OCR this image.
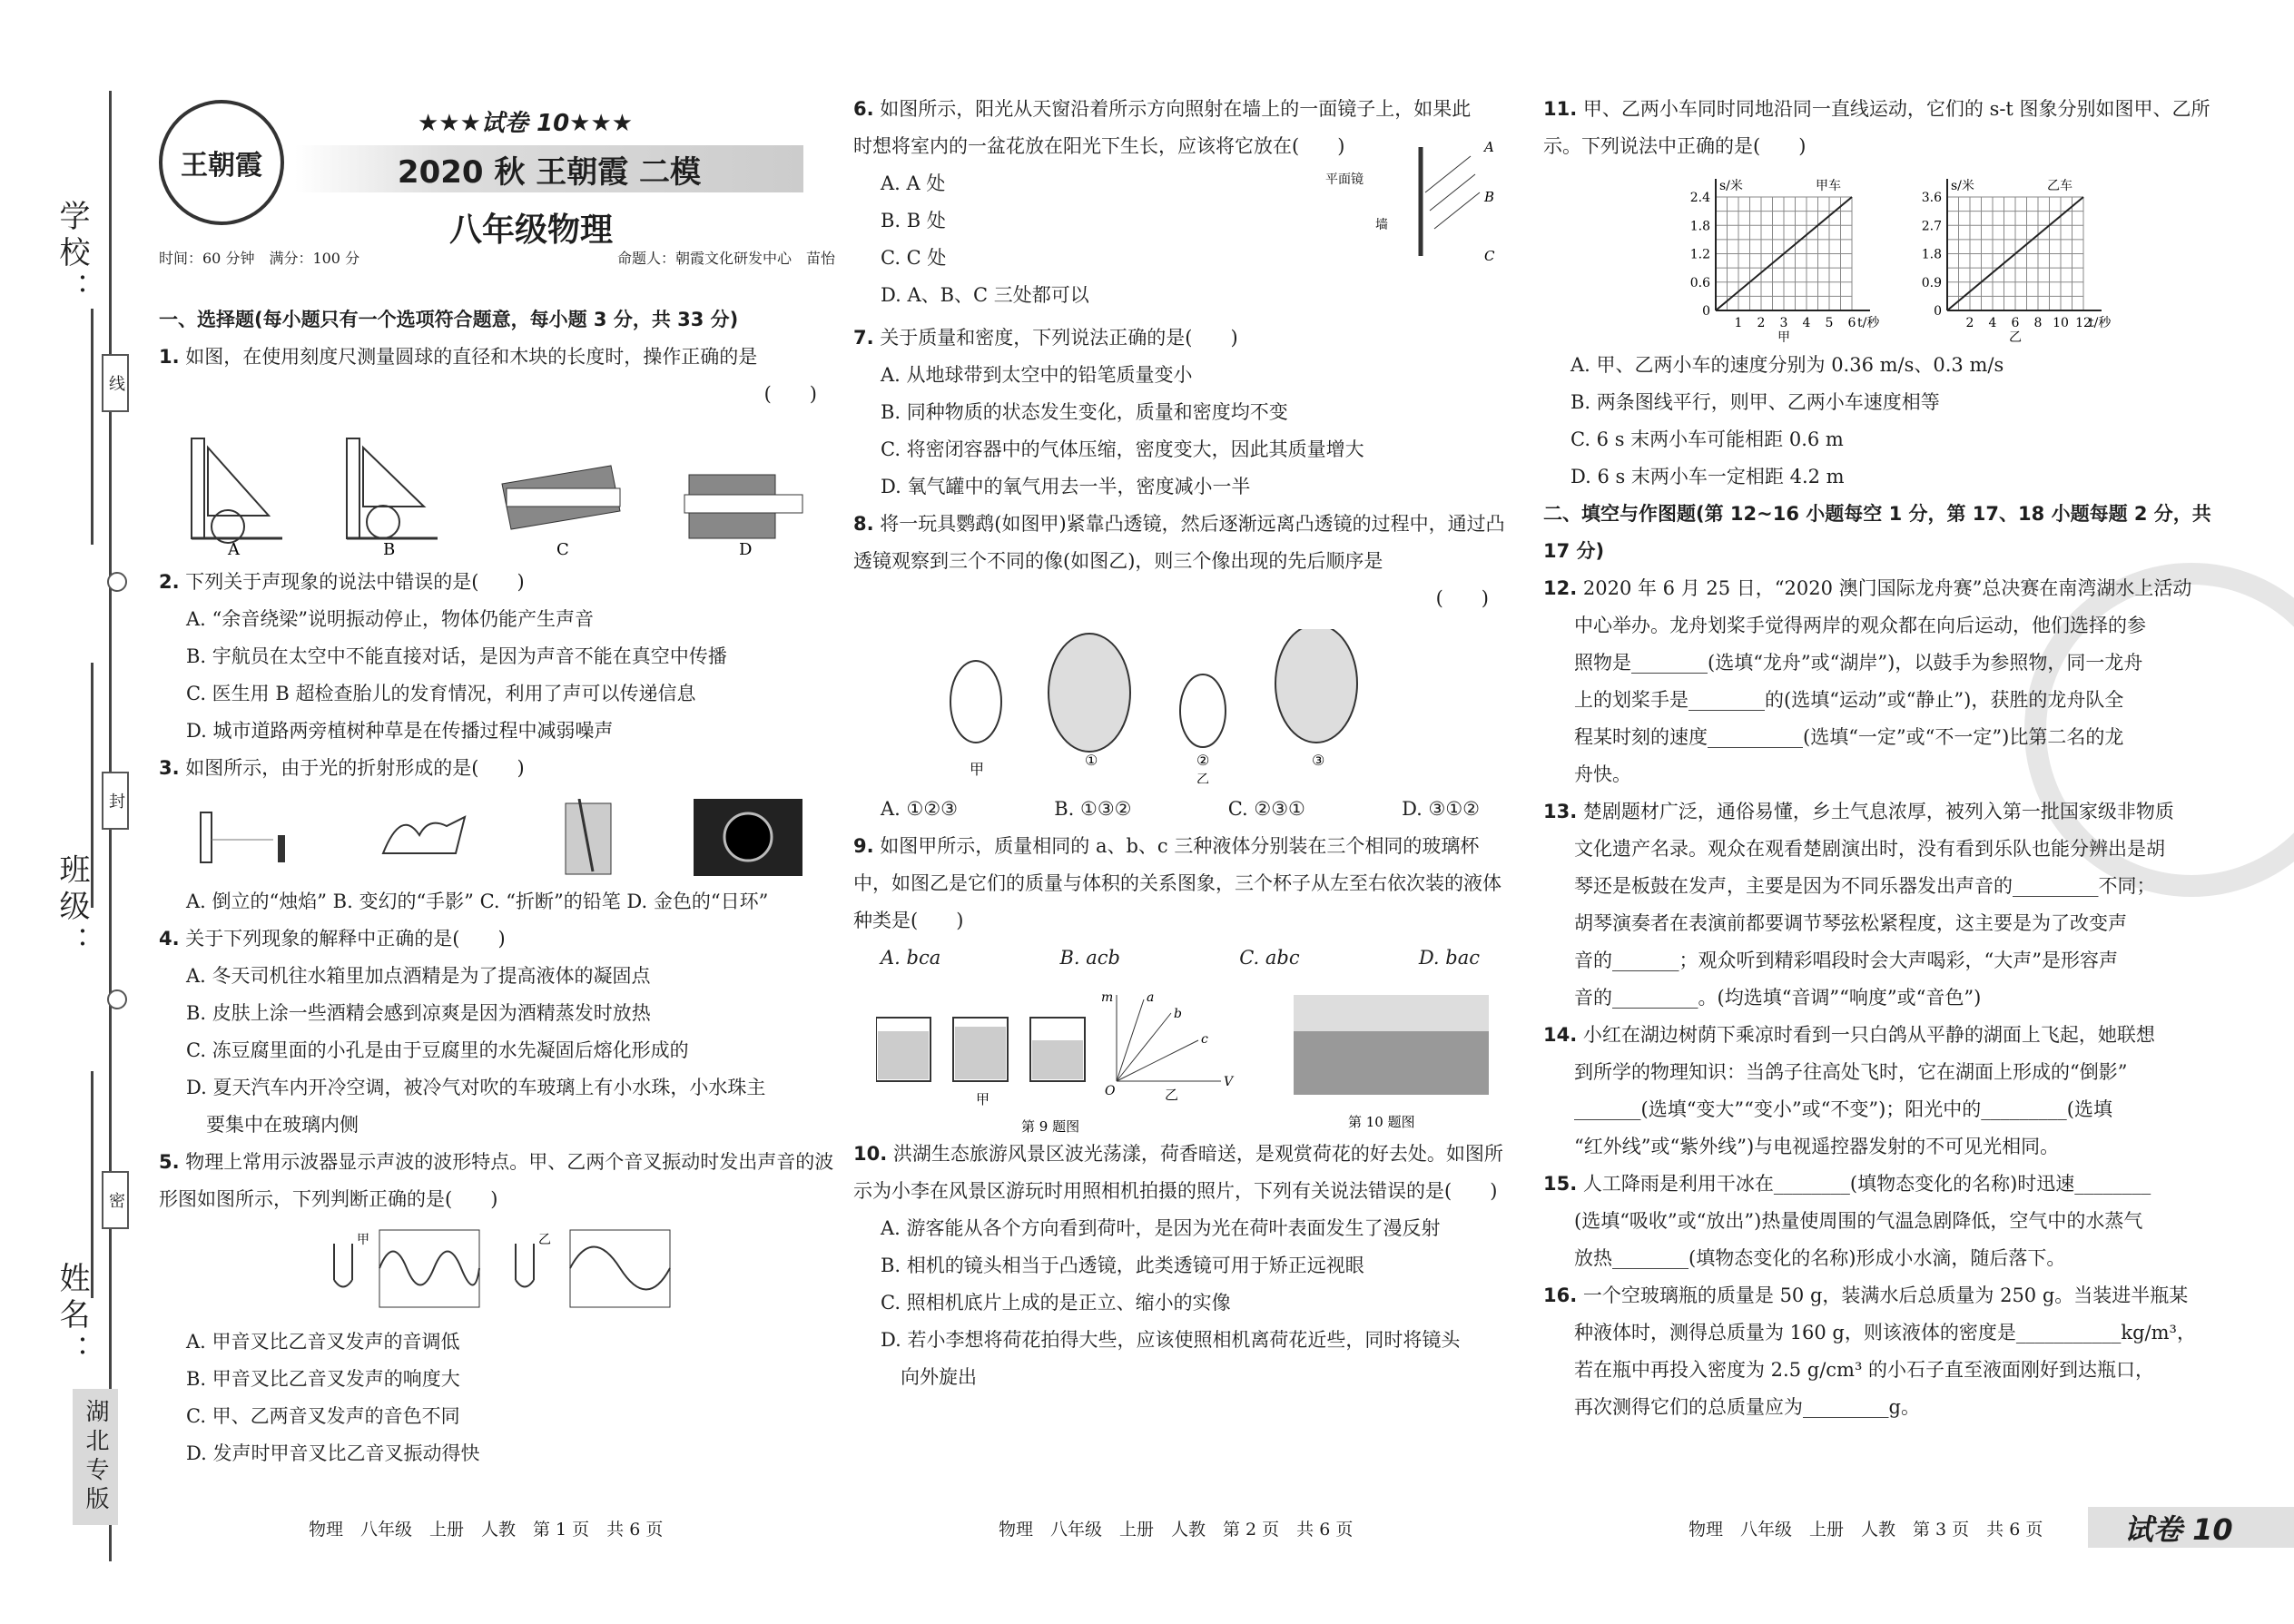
学校：
线
班级：
封
密
姓名：
湖北专版
王朝霞
★★★试卷 10★★★
2020 秋 王朝霞 二模
八年级物理
时间：60 分钟　满分：100 分	命题人：朝霞文化研发中心　苗怡
一、选择题(每小题只有一个选项符合题意，每小题 3 分，共 33 分)
1. 如图，在使用刻度尺测量圆球的直径和木块的长度时，操作正确的是
(　　)
A	B	C	D
2. 下列关于声现象的说法中错误的是(　　)
A. “余音绕梁”说明振动停止，物体仍能产生声音
B. 宇航员在太空中不能直接对话，是因为声音不能在真空中传播
C. 医生用 B 超检查胎儿的发育情况，利用了声可以传递信息
D. 城市道路两旁植树种草是在传播过程中减弱噪声
3. 如图所示，由于光的折射形成的是(　　)
A. 倒立的“烛焰” B. 变幻的“手影” C. “折断”的铅笔 D. 金色的“日环”
4. 关于下列现象的解释中正确的是(　　)
A. 冬天司机往水箱里加点酒精是为了提高液体的凝固点
B. 皮肤上涂一些酒精会感到凉爽是因为酒精蒸发时放热
C. 冻豆腐里面的小孔是由于豆腐里的水先凝固后熔化形成的
D. 夏天汽车内开冷空调，被冷气对吹的车玻璃上有小水珠，小水珠主
要集中在玻璃内侧
5. 物理上常用示波器显示声波的波形特点。甲、乙两个音叉振动时发出声音的波形图如图所示，下列判断正确的是(　　)
甲	乙
A. 甲音叉比乙音叉发声的音调低
B. 甲音叉比乙音叉发声的响度大
C. 甲、乙两音叉发声的音色不同
D. 发声时甲音叉比乙音叉振动得快
6. 如图所示，阳光从天窗沿着所示方向照射在墙上的一面镜子上，如果此时想将室内的一盆花放在阳光下生长，应该将它放在(　　)
A. A 处
B. B 处
C. C 处
D. A、B、C 三处都可以
平面镜
墙
A
B
C
7. 关于质量和密度，下列说法正确的是(　　)
A. 从地球带到太空中的铅笔质量变小
B. 同种物质的状态发生变化，质量和密度均不变
C. 将密闭容器中的气体压缩，密度变大，因此其质量增大
D. 氧气罐中的氧气用去一半，密度减小一半
8. 将一玩具鹦鹉(如图甲)紧靠凸透镜，然后逐渐远离凸透镜的过程中，通过凸透镜观察到三个不同的像(如图乙)，则三个像出现的先后顺序是
(　　)
甲
①	②
乙
③
A. ①②③	B. ①③②	C. ②③①	D. ③①②
9. 如图甲所示，质量相同的 a、b、c 三种液体分别装在三个相同的玻璃杯中，如图乙是它们的质量与体积的关系图象，三个杯子从左至右依次装的液体种类是(　　)
A. bca	B. acb	C. abc	D. bac
甲
m
V
O
a
b
c
乙
第 9 题图	第 10 题图
10. 洪湖生态旅游风景区波光荡漾，荷香暗送，是观赏荷花的好去处。如图所示为小李在风景区游玩时用照相机拍摄的照片，下列有关说法错误的是(　　)
A. 游客能从各个方向看到荷叶，是因为光在荷叶表面发生了漫反射
B. 相机的镜头相当于凸透镜，此类透镜可用于矫正远视眼
C. 照相机底片上成的是正立、缩小的实像
D. 若小李想将荷花拍得大些，应该使照相机离荷花近些，同时将镜头
向外旋出
11. 甲、乙两小车同时同地沿同一直线运动，它们的 s-t 图象分别如图甲、乙所示。下列说法中正确的是(　　)
2.4
1.8
1.2
0.6
0
1 2 3 4 5 6
s/米
t/秒
甲车
甲
3.6
2.7
1.8
0.9
0
2 4 6 8 10 12
s/米
t/秒
乙车
乙
A. 甲、乙两小车的速度分别为 0.36 m/s、0.3 m/s
B. 两条图线平行，则甲、乙两小车速度相等
C. 6 s 末两小车可能相距 0.6 m
D. 6 s 末两小车一定相距 4.2 m
二、填空与作图题(第 12~16 小题每空 1 分，第 17、18 小题每题 2 分，共 17 分)
12. 2020 年 6 月 25 日，“2020 澳门国际龙舟赛”总决赛在南湾湖水上活动
中心举办。龙舟划桨手觉得两岸的观众都在向后运动，他们选择的参
照物是________(选填“龙舟”或“湖岸”)，以鼓手为参照物，同一龙舟
上的划桨手是________的(选填“运动”或“静止”)，获胜的龙舟队全
程某时刻的速度__________(选填“一定”或“不一定”)比第二名的龙
舟快。
13. 楚剧题材广泛，通俗易懂，乡土气息浓厚，被列入第一批国家级非物质
文化遗产名录。观众在观看楚剧演出时，没有看到乐队也能分辨出是胡
琴还是板鼓在发声，主要是因为不同乐器发出声音的_________不同；
胡琴演奏者在表演前都要调节琴弦松紧程度，这主要是为了改变声
音的_______；观众听到精彩唱段时会大声喝彩，“大声”是形容声
音的_________。(均选填“音调”“响度”或“音色”)
14. 小红在湖边树荫下乘凉时看到一只白鸽从平静的湖面上飞起，她联想
到所学的物理知识：当鸽子往高处飞时，它在湖面上形成的“倒影”
_______(选填“变大”“变小”或“不变”)；阳光中的_________(选填
“红外线”或“紫外线”)与电视遥控器发射的不可见光相同。
15. 人工降雨是利用干冰在________(填物态变化的名称)时迅速________
(选填“吸收”或“放出”)热量使周围的气温急剧降低，空气中的水蒸气
放热________(填物态变化的名称)形成小水滴，随后落下。
16. 一个空玻璃瓶的质量是 50 g，装满水后总质量为 250 g。当装进半瓶某
种液体时，测得总质量为 160 g，则该液体的密度是___________kg/m³，
若在瓶中再投入密度为 2.5 g/cm³ 的小石子直至液面刚好到达瓶口，
再次测得它们的总质量应为_________g。
物理　八年级　上册　人教　第 1 页　共 6 页	物理　八年级　上册　人教　第 2 页　共 6 页	物理　八年级　上册　人教　第 3 页　共 6 页	试卷 10
